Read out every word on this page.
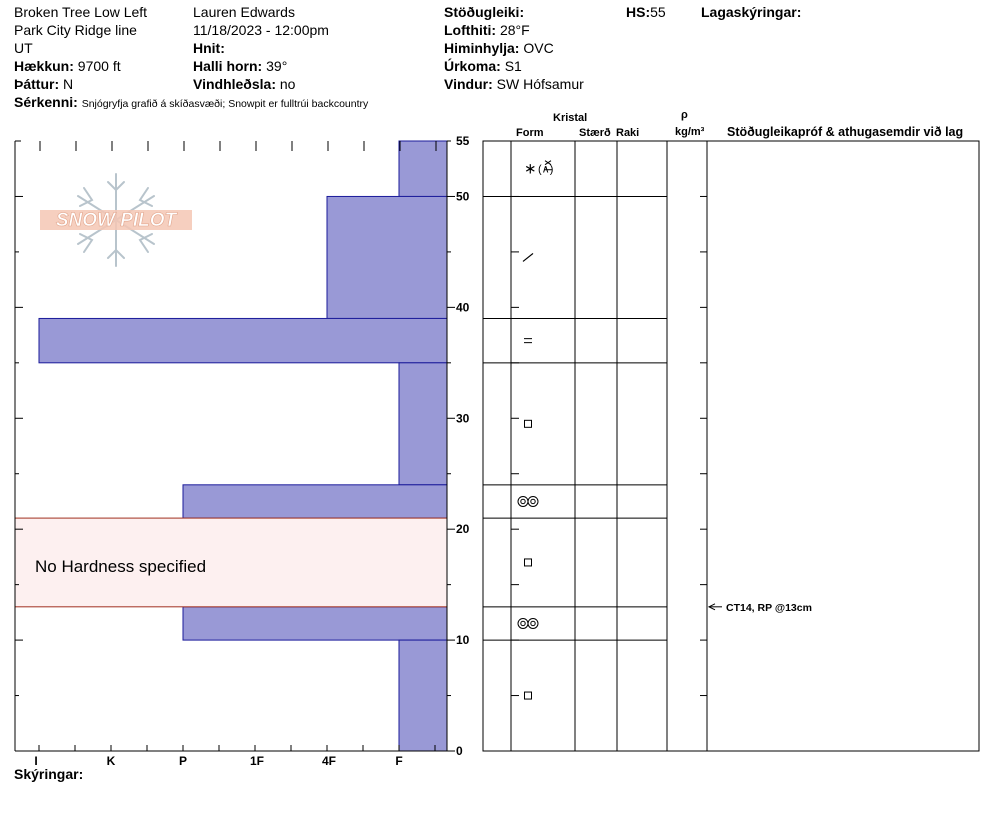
Broken Tree Low Left
Park City Ridge line
UT
Hækkun: 9700 ft
Þáttur: N
Sérkenni: Snjógryfja grafið á skíðasvæði; Snowpit er fulltrúi backcountry
Lauren Edwards
11/18/2023 - 12:00pm
Hnit:
Halli horn: 39°
Vindhleðsla: no
Stöðugleiki:
Lofthiti: 28°F
Himinhylja: OVC
Úrkoma: S1
Vindur: SW Hófsamur
HS:55	Lagaskýringar:
Kristal
Form	Stærð Raki
ρ
kg/m³ Stöðugleikapróf & athugasemdir við lag
0
10
20
30
40
50
55
I	K	P	1F	4F	F
∗ (∧)
CT14, RP @13cm
No Hardness specified
SNOW PILOT
Skýringar:
